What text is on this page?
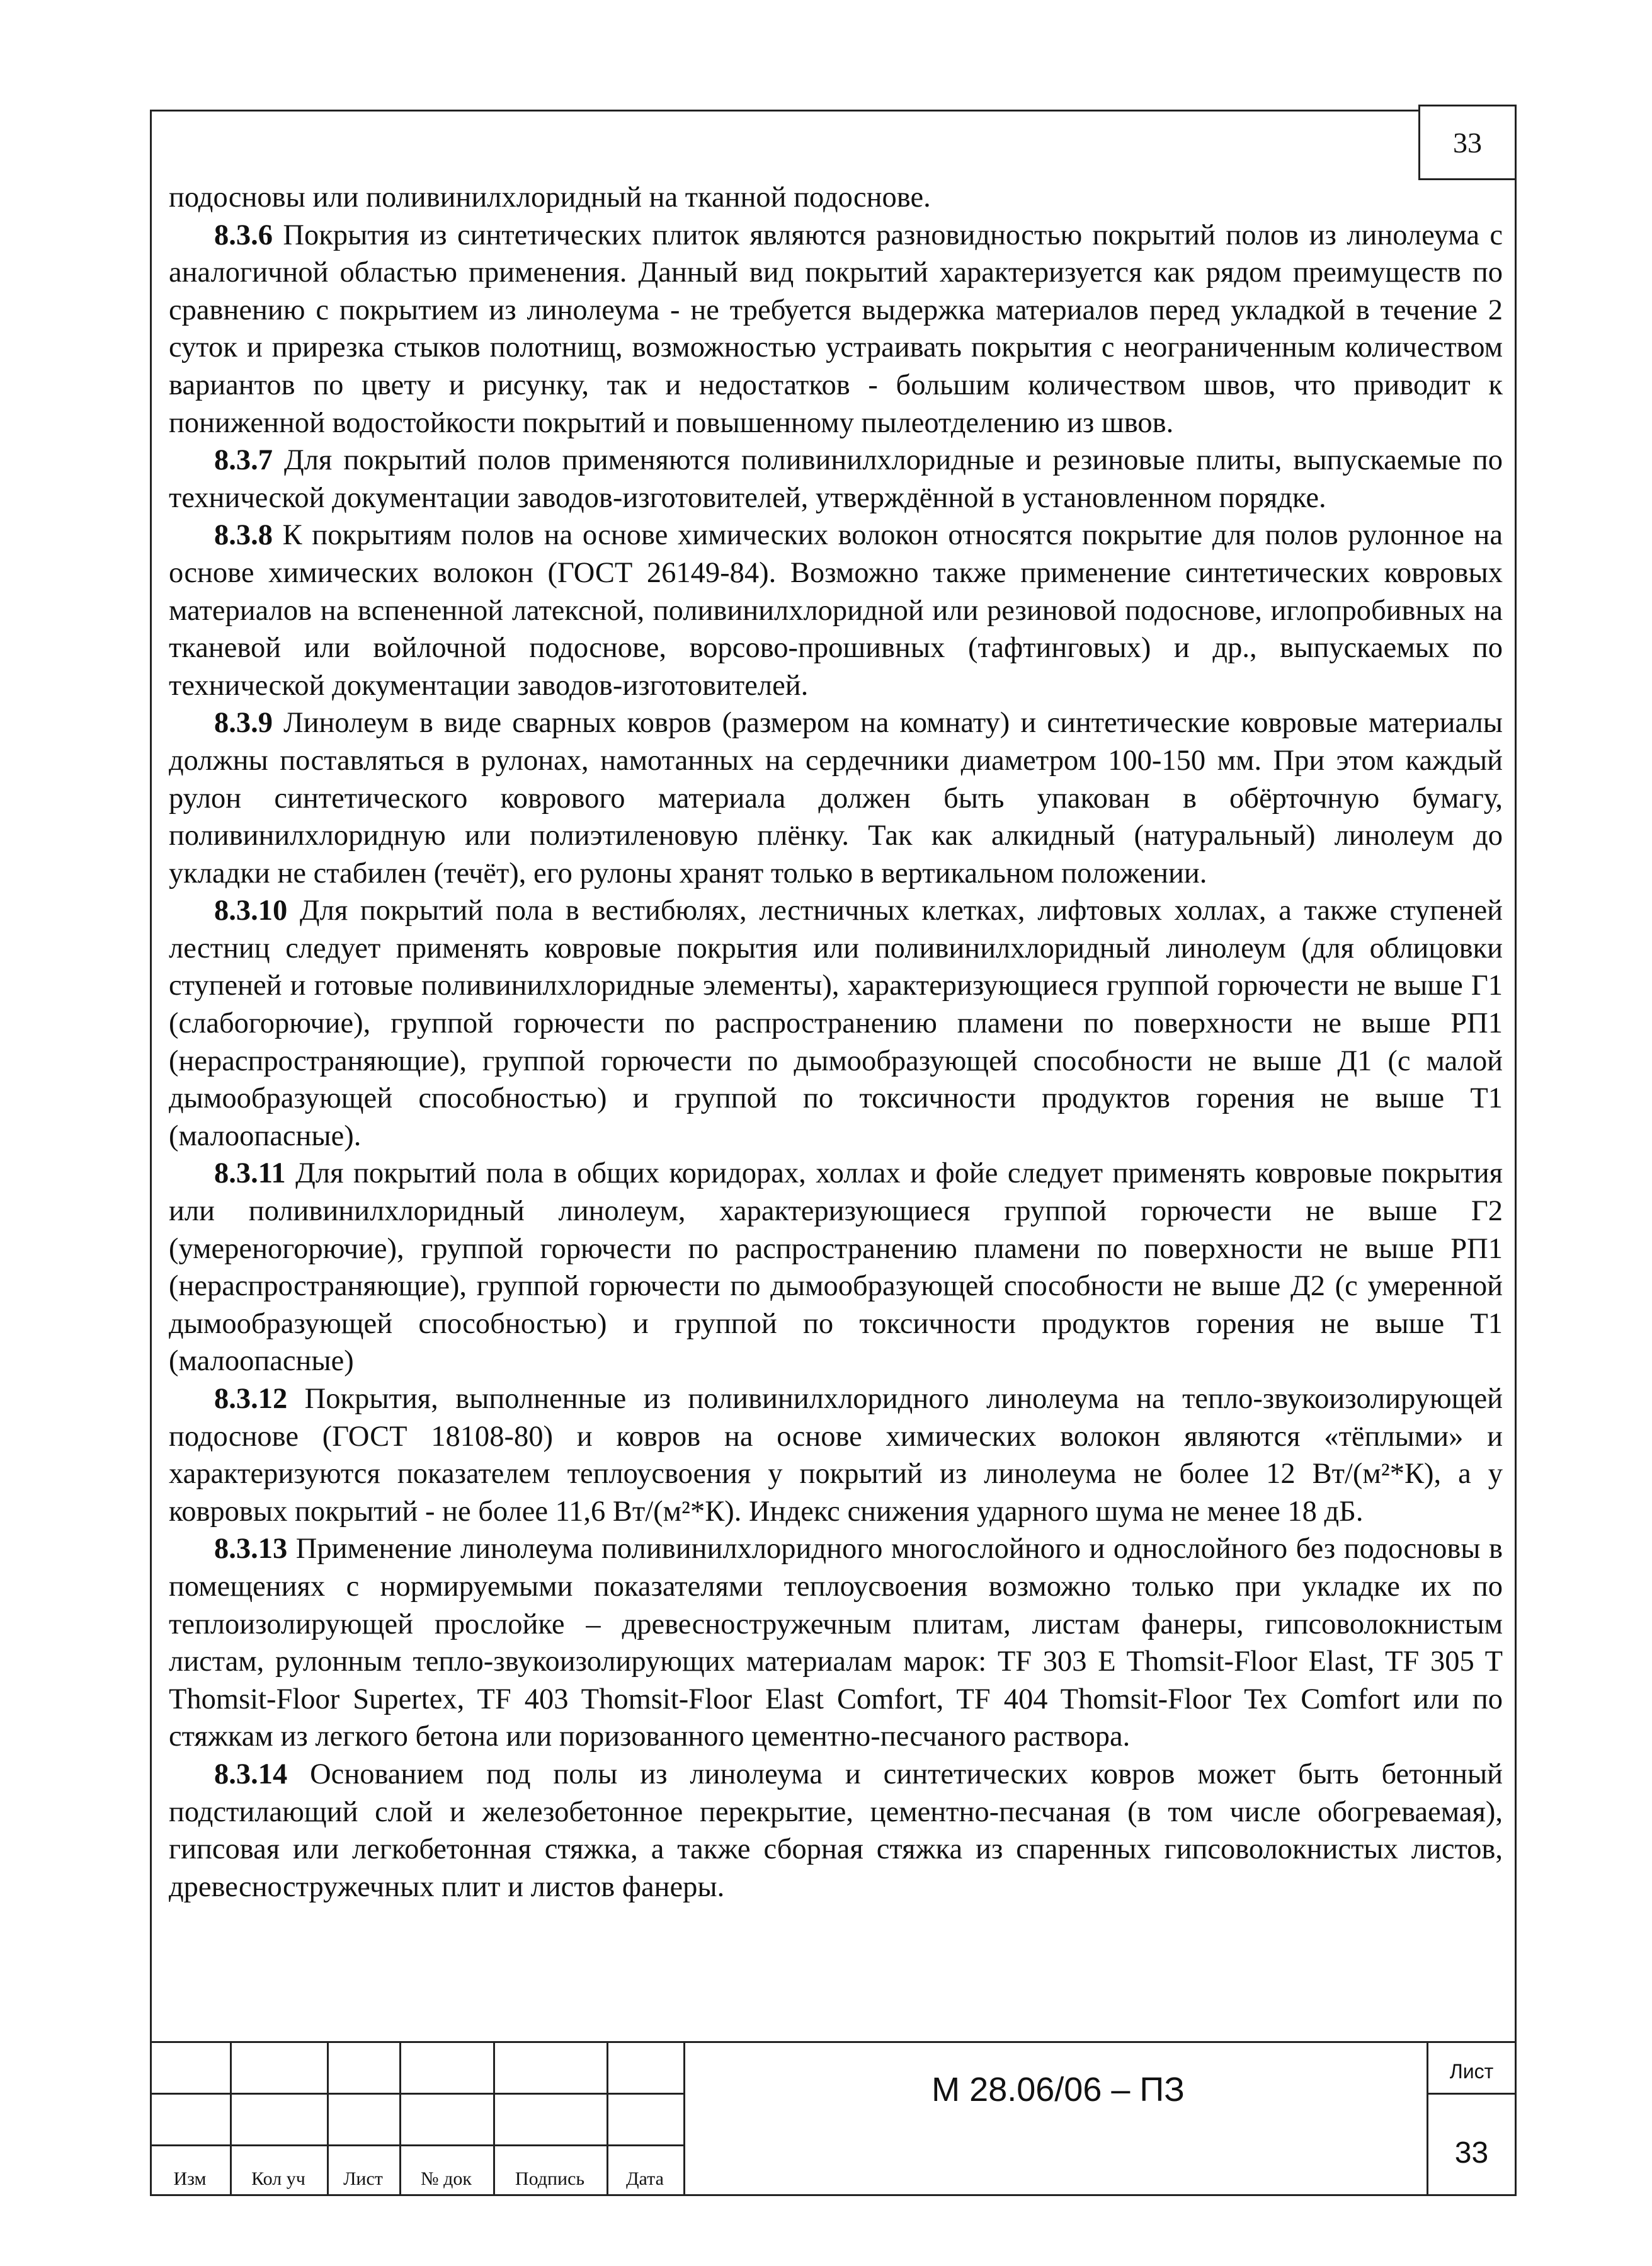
33

подосновы или поливинилхлоридный на тканной подоснове.

8.3.6 Покрытия из синтетических плиток являются разновидностью покрытий полов из линолеума с аналогичной областью применения. Данный вид покрытий характеризуется как рядом преимуществ по сравнению с покрытием из линолеума - не требуется выдержка материалов перед укладкой в течение 2 суток и прирезка стыков полотнищ, возможностью устраивать покрытия с неограниченным количеством вариантов по цвету и рисунку, так и недостатков - большим количеством швов, что приводит к пониженной водостойкости покрытий и повышенному пылеотделению из швов.

8.3.7 Для покрытий полов применяются поливинилхлоридные и резиновые плиты, выпускаемые по технической документации заводов-изготовителей, утверждённой в установленном порядке.

8.3.8 К покрытиям полов на основе химических волокон относятся покрытие для полов рулонное на основе химических волокон (ГОСТ 26149-84). Возможно также применение синтетических ковровых материалов на вспененной латексной, поливинилхлоридной или резиновой подоснове, иглопробивных на тканевой или войлочной подоснове, ворсово-прошивных (тафтинговых) и др., выпускаемых по технической документации заводов-изготовителей.

8.3.9 Линолеум в виде сварных ковров (размером на комнату) и синтетические ковровые материалы должны поставляться в рулонах, намотанных на сердечники диаметром 100-150 мм. При этом каждый рулон синтетического коврового материала должен быть упакован в обёрточную бумагу, поливинилхлоридную или полиэтиленовую плёнку. Так как алкидный (натуральный) линолеум до укладки не стабилен (течёт), его рулоны хранят только в вертикальном положении.

8.3.10 Для покрытий пола в вестибюлях, лестничных клетках, лифтовых холлах, а также ступеней лестниц следует применять ковровые покрытия или поливинилхлоридный линолеум (для облицовки ступеней и готовые поливинилхлоридные элементы), характеризующиеся группой горючести не выше Г1 (слабогорючие), группой горючести по распространению пламени по поверхности не выше РП1 (нераспространяющие), группой горючести по дымообразующей способности не выше Д1 (с малой дымообразующей способностью) и группой по токсичности продуктов горения не выше Т1 (малоопасные).

8.3.11 Для покрытий пола в общих коридорах, холлах и фойе следует применять ковровые покрытия или поливинилхлоридный линолеум, характеризующиеся группой горючести не выше Г2 (умереногорючие), группой горючести по распространению пламени по поверхности не выше РП1 (нераспространяющие), группой горючести по дымообразующей способности не выше Д2 (с умеренной дымообразующей способностью) и группой по токсичности продуктов горения не выше Т1 (малоопасные)

8.3.12 Покрытия, выполненные из поливинилхлоридного линолеума на тепло-звукоизолирующей подоснове (ГОСТ 18108-80) и ковров на основе химических волокон являются «тёплыми» и характеризуются показателем теплоусвоения у покрытий из линолеума не более 12 Вт/(м²*К), а у ковровых покрытий - не более 11,6 Вт/(м²*К). Индекс снижения ударного шума не менее 18 дБ.

8.3.13 Применение линолеума поливинилхлоридного многослойного и однослойного без подосновы в помещениях с нормируемыми показателями теплоусвоения возможно только при укладке их по теплоизолирующей прослойке – древесностружечным плитам, листам фанеры, гипсоволокнистым листам, рулонным тепло-звукоизолирующих материалам марок: TF 303 E Thomsit-Floor Elast, TF 305 T Thomsit-Floor Supertex, TF 403 Thomsit-Floor Elast Comfort, TF 404 Thomsit-Floor Tex Comfort или по стяжкам из легкого бетона или поризованного цементно-песчаного раствора.

8.3.14 Основанием под полы из линолеума и синтетических ковров может быть бетонный подстилающий слой и железобетонное перекрытие, цементно-песчаная (в том числе обогреваемая), гипсовая или легкобетонная стяжка, а также сборная стяжка из спаренных гипсоволокнистых листов, древесностружечных плит и листов фанеры.

Изм	Кол уч	Лист	№ док	Подпись	Дата
М 28.06/06 – ПЗ	Лист
33
